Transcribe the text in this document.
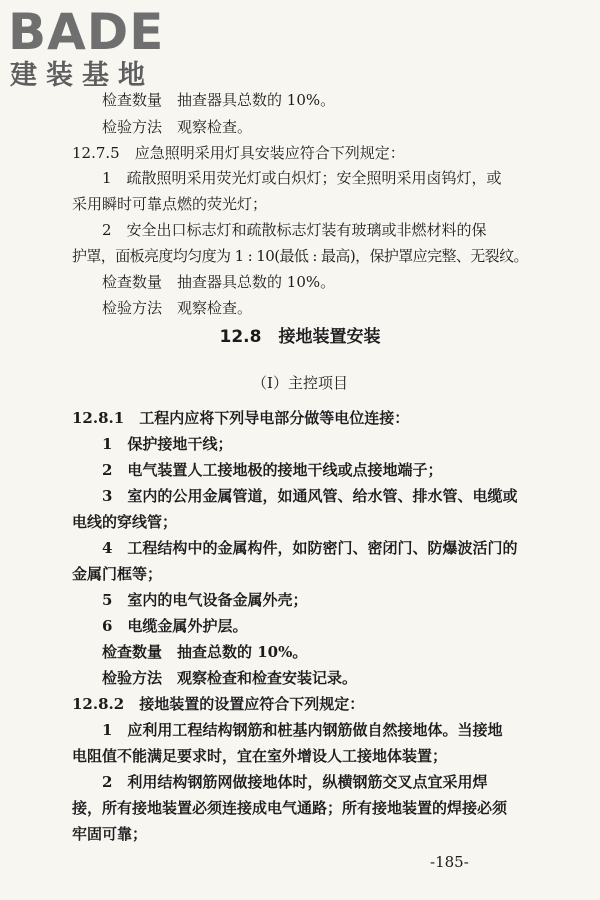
BADE
建装基地
检查数量　抽查器具总数的 10%。
检验方法　观察检查。
12.7.5　应急照明采用灯具安装应符合下列规定：
1　疏散照明采用荧光灯或白炽灯；安全照明采用卤钨灯，或
采用瞬时可靠点燃的荧光灯；
2　安全出口标志灯和疏散标志灯装有玻璃或非燃材料的保
护罩，面板亮度均匀度为 1 : 10(最低 : 最高)，保护罩应完整、无裂纹。
检查数量　抽查器具总数的 10%。
检验方法　观察检查。
12.8　接地装置安装
（Ⅰ）主控项目
12.8.1　工程内应将下列导电部分做等电位连接：
1　保护接地干线；
2　电气装置人工接地极的接地干线或点接地端子；
3　室内的公用金属管道，如通风管、给水管、排水管、电缆或
电线的穿线管；
4　工程结构中的金属构件，如防密门、密闭门、防爆波活门的
金属门框等；
5　室内的电气设备金属外壳；
6　电缆金属外护层。
检查数量　抽查总数的 10%。
检验方法　观察检查和检查安装记录。
12.8.2　接地装置的设置应符合下列规定：
1　应利用工程结构钢筋和桩基内钢筋做自然接地体。当接地
电阻值不能满足要求时，宜在室外增设人工接地体装置；
2　利用结构钢筋网做接地体时，纵横钢筋交叉点宜采用焊
接，所有接地装置必须连接成电气通路；所有接地装置的焊接必须
牢固可靠；
-185-
